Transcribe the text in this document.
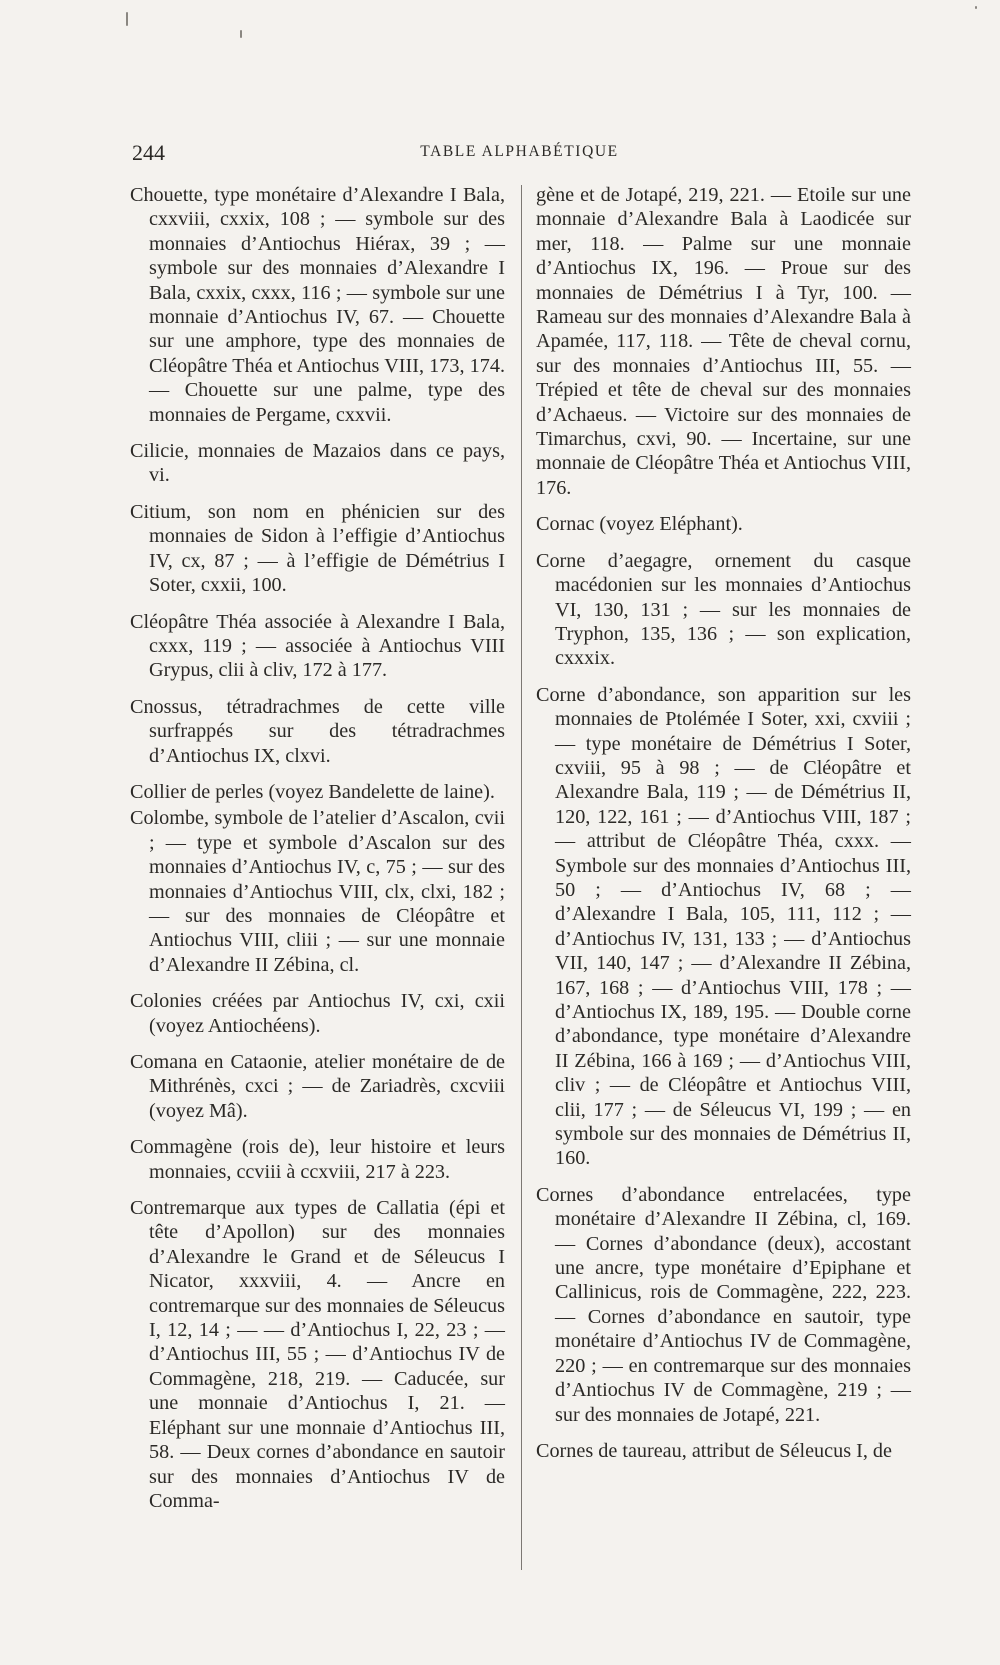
244	TABLE ALPHABÉTIQUE

Chouette, type monétaire d’Alexandre I Bala, cxxviii, cxxix, 108 ; — symbole sur des monnaies d’Antiochus Hiérax, 39 ; — symbole sur des monnaies d’Alexandre I Bala, cxxix, cxxx, 116 ; — symbole sur une monnaie d’Antiochus IV, 67. — Chouette sur une amphore, type des monnaies de Cléopâtre Théa et Antiochus VIII, 173, 174. — Chouette sur une palme, type des monnaies de Pergame, cxxvii.

Cilicie, monnaies de Mazaios dans ce pays, vi.

Citium, son nom en phénicien sur des monnaies de Sidon à l’effigie d’Antiochus IV, cx, 87 ; — à l’effigie de Démétrius I Soter, cxxii, 100.

Cléopâtre Théa associée à Alexandre I Bala, cxxx, 119 ; — associée à Antiochus VIII Grypus, clii à cliv, 172 à 177.

Cnossus, tétradrachmes de cette ville surfrappés sur des tétradrachmes d’Antiochus IX, clxvi.

Collier de perles (voyez Bandelette de laine).

Colombe, symbole de l’atelier d’Ascalon, cvii ; — type et symbole d’Ascalon sur des monnaies d’Antiochus IV, c, 75 ; — sur des monnaies d’Antiochus VIII, clx, clxi, 182 ; — sur des monnaies de Cléopâtre et Antiochus VIII, cliii ; — sur une monnaie d’Alexandre II Zébina, cl.

Colonies créées par Antiochus IV, cxi, cxii (voyez Antiochéens).

Comana en Cataonie, atelier monétaire de de Mithrénès, cxci ; — de Zariadrès, cxcviii (voyez Mâ).

Commagène (rois de), leur histoire et leurs monnaies, ccviii à ccxviii, 217 à 223.

Contremarque aux types de Callatia (épi et tête d’Apollon) sur des monnaies d’Alexandre le Grand et de Séleucus I Nicator, xxxviii, 4. — Ancre en contremarque sur des monnaies de Séleucus I, 12, 14 ; — — d’Antiochus I, 22, 23 ; — d’Antiochus III, 55 ; — d’Antiochus IV de Commagène, 218, 219. — Caducée, sur une monnaie d’Antiochus I, 21. — Eléphant sur une monnaie d’Antiochus III, 58. — Deux cornes d’abondance en sautoir sur des monnaies d’Antiochus IV de Comma-

gène et de Jotapé, 219, 221. — Etoile sur une monnaie d’Alexandre Bala à Laodicée sur mer, 118. — Palme sur une monnaie d’Antiochus IX, 196. — Proue sur des monnaies de Démétrius I à Tyr, 100. — Rameau sur des monnaies d’Alexandre Bala à Apamée, 117, 118. — Tête de cheval cornu, sur des monnaies d’Antiochus III, 55. — Trépied et tête de cheval sur des monnaies d’Achaeus. — Victoire sur des monnaies de Timarchus, cxvi, 90. — Incertaine, sur une monnaie de Cléopâtre Théa et Antiochus VIII, 176.

Cornac (voyez Eléphant).

Corne d’aegagre, ornement du casque macédonien sur les monnaies d’Antiochus VI, 130, 131 ; — sur les monnaies de Tryphon, 135, 136 ; — son explication, cxxxix.

Corne d’abondance, son apparition sur les monnaies de Ptolémée I Soter, xxi, cxviii ; — type monétaire de Démétrius I Soter, cxviii, 95 à 98 ; — de Cléopâtre et Alexandre Bala, 119 ; — de Démétrius II, 120, 122, 161 ; — d’Antiochus VIII, 187 ; — attribut de Cléopâtre Théa, cxxx. — Symbole sur des monnaies d’Antiochus III, 50 ; — d’Antiochus IV, 68 ; — d’Alexandre I Bala, 105, 111, 112 ; — d’Antiochus IV, 131, 133 ; — d’Antiochus VII, 140, 147 ; — d’Alexandre II Zébina, 167, 168 ; — d’Antiochus VIII, 178 ; — d’Antiochus IX, 189, 195. — Double corne d’abondance, type monétaire d’Alexandre II Zébina, 166 à 169 ; — d’Antiochus VIII, cliv ; — de Cléopâtre et Antiochus VIII, clii, 177 ; — de Séleucus VI, 199 ; — en symbole sur des monnaies de Démétrius II, 160.

Cornes d’abondance entrelacées, type monétaire d’Alexandre II Zébina, cl, 169. — Cornes d’abondance (deux), accostant une ancre, type monétaire d’Epiphane et Callinicus, rois de Commagène, 222, 223. — Cornes d’abondance en sautoir, type monétaire d’Antiochus IV de Commagène, 220 ; — en contremarque sur des monnaies d’Antiochus IV de Commagène, 219 ; — sur des monnaies de Jotapé, 221.

Cornes de taureau, attribut de Séleucus I, de
